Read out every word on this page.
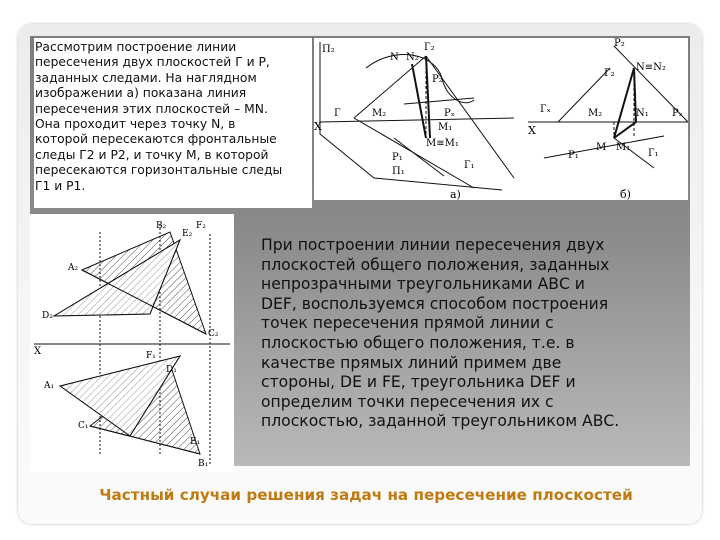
Рассмотрим построение линии
пересечения двух плоскостей Г и Р,
заданных следами. На наглядном
изображении а) показана линия
пересечения этих плоскостей – MN.
Она проходит через точку N, в
которой пересекаются фронтальные
следы Г2 и Р2, и точку М, в которой
пересекаются горизонтальные следы
Г1 и Р1.
П₂
N N₂
Г₂
P₂
Г	M₂
X
Pₓ
M₁
M≡M₁
P₁
П₁
Г₁
а)
P₂
Г₂
N≡N₂
Гₓ	M₂	N₁ Pₓ
X
P₁
M M₁
Г₁
б)
B₂
E₂
F₂
A₂
D₂
C₂
X	F₁
D₁
A₁
C₁
E₁
B₁
При построении линии пересечения двух
плоскостей общего положения, заданных
непрозрачными треугольниками АВС и
DEF, воспользуемся способом построения
точек пересечения прямой линии с
плоскостью общего положения, т.е. в
качестве прямых линий примем две
стороны, DE и FE, треугольника DEF и
определим точки пересечения их с
плоскостью, заданной треугольником АВС.
Частный случаи решения задач на пересечение плоскостей
